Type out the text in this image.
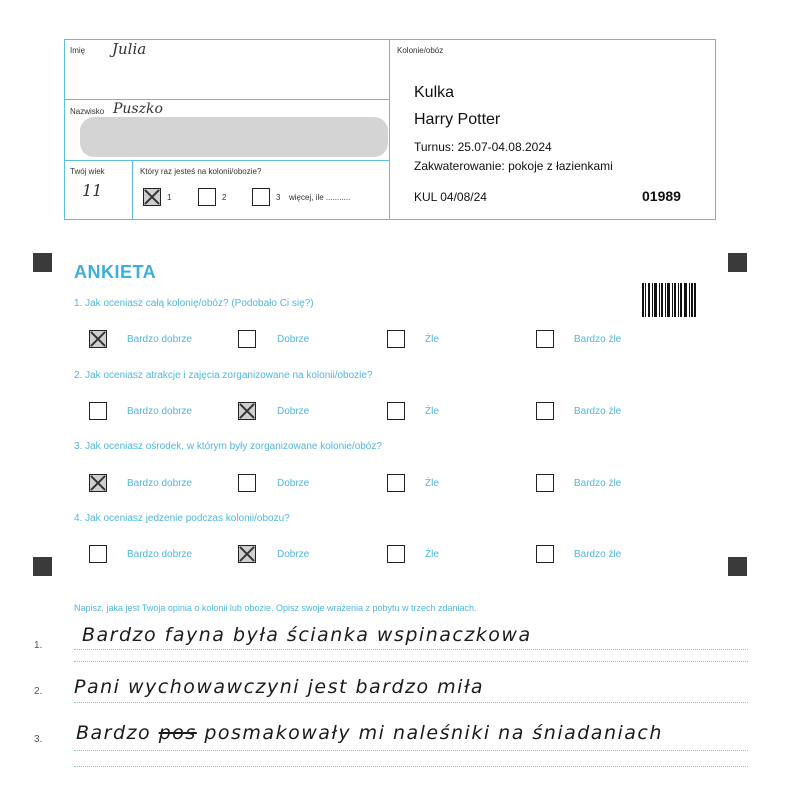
Imię Julia
Nazwisko Puszko
Twój wiek
11
Który raz jesteś na kolonii/obozie?
1	2	3 więcej, ile ...........
Kolonie/obóz
Kulka
Harry Potter
Turnus: 25.07-04.08.2024
Zakwaterowanie: pokoje z łazienkami
KUL 04/08/24	01989
ANKIETA
1. Jak oceniasz całą kolonię/obóz? (Podobało Ci się?)
Bardzo dobrze	Dobrze	Źle	Bardzo źle
2. Jak oceniasz atrakcje i zajęcia zorganizowane na kolonii/obozie?
Bardzo dobrze	Dobrze	Źle	Bardzo źle
3. Jak oceniasz ośrodek, w którym były zorganizowane kolonie/obóz?
Bardzo dobrze	Dobrze	Źle	Bardzo źle
4. Jak oceniasz jedzenie podczas kolonii/obozu?
Bardzo dobrze	Dobrze	Źle	Bardzo źle
Napisz, jaka jest Twoja opinia o kolonii lub obozie. Opisz swoje wrażenia z pobytu w trzech zdaniach.
1. Bardzo fayna była ścianka wspinaczkowa
2. Pani wychowawczyni jest bardzo miła
3. Bardzo pos posmakowały mi naleśniki na śniadaniach
